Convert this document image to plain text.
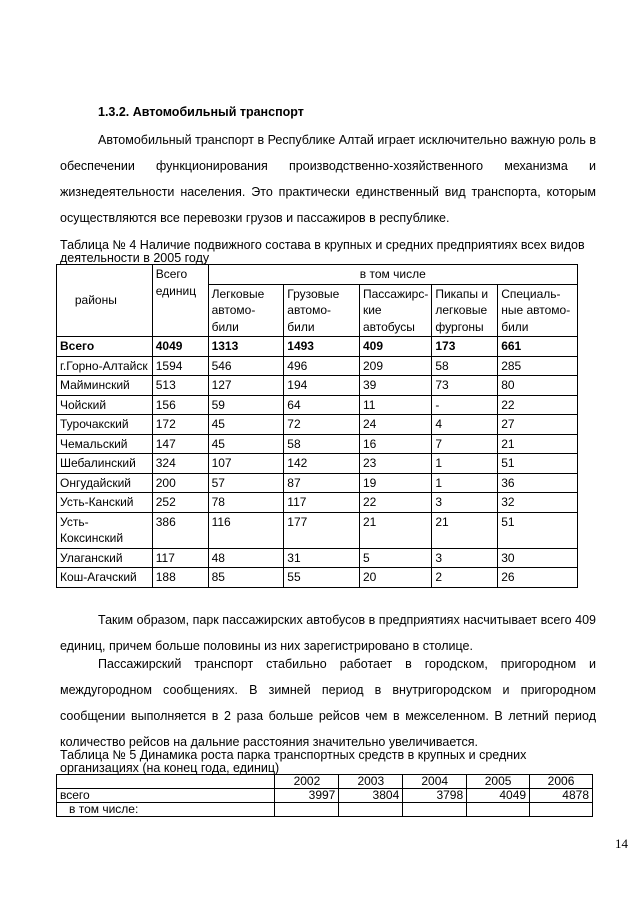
1.3.2. Автомобильный транспорт
Автомобильный транспорт в Республике Алтай играет исключительно важную роль в обеспечении функционирования производственно-хозяйственного механизма и жизнедеятельности населения. Это практически единственный вид транспорта, которым осуществляются все перевозки грузов и пассажиров в республике.
Таблица № 4 Наличие подвижного состава в крупных и средних предприятиях всех видов деятельности в 2005 году
районы	Всего единиц	в том числе				
		Легковые автомо-били	Грузовые автомо-били	Пассажирс-кие автобусы	Пикапы и легковые фургоны	Специаль-ные автомо-били
Всего	4049	1313	1493	409	173	661
г.Горно-Алтайск	1594	546	496	209	58	285
Майминский	513	127	194	39	73	80
Чойский	156	59	64	11	-	22
Турочакский	172	45	72	24	4	27
Чемальский	147	45	58	16	7	21
Шебалинский	324	107	142	23	1	51
Онгудайский	200	57	87	19	1	36
Усть-Канский	252	78	117	22	3	32
Усть-Коксинский	386	116	177	21	21	51
Улаганский	117	48	31	5	3	30
Кош-Агачский	188	85	55	20	2	26
Таким образом, парк пассажирских автобусов в предприятиях насчитывает всего 409 единиц, причем больше половины из них зарегистрировано в столице.
Пассажирский транспорт стабильно работает в городском, пригородном и междугородном сообщениях. В зимней период в внутригородском и пригородном сообщении выполняется в 2 раза больше рейсов чем в межселенном. В летний период количество рейсов на дальние расстояния значительно увеличивается.
Таблица № 5 Динамика роста парка транспортных средств в крупных и средних организациях (на конец года, единиц)
	2002	2003	2004	2005	2006
всего	3997	3804	3798	4049	4878
в том числе:					
14
